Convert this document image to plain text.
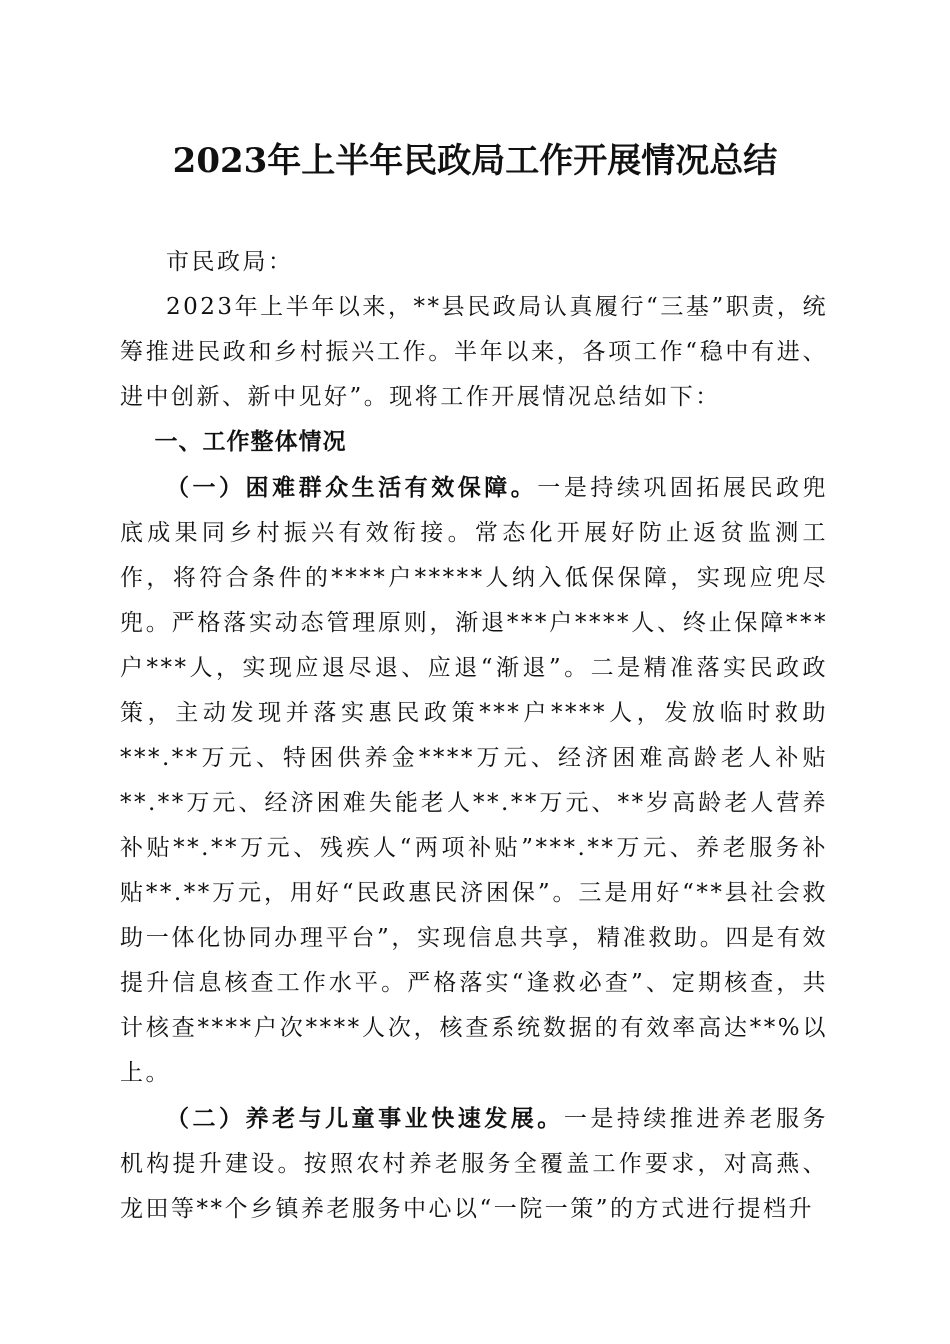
2023年上半年民政局工作开展情况总结

市民政局：

2023年上半年以来，**县民政局认真履行“三基”职责，统筹推进民政和乡村振兴工作。半年以来，各项工作“稳中有进、进中创新、新中见好”。现将工作开展情况总结如下：

一、工作整体情况

（一）困难群众生活有效保障。一是持续巩固拓展民政兜底成果同乡村振兴有效衔接。常态化开展好防止返贫监测工作，将符合条件的****户*****人纳入低保保障，实现应兜尽兜。严格落实动态管理原则，渐退***户****人、终止保障***户***人，实现应退尽退、应退“渐退”。二是精准落实民政政策，主动发现并落实惠民政策***户****人，发放临时救助***.**万元、特困供养金****万元、经济困难高龄老人补贴**.**万元、经济困难失能老人**.**万元、**岁高龄老人营养补贴**.**万元、残疾人“两项补贴”***.**万元、养老服务补贴**.**万元，用好“民政惠民济困保”。三是用好“**县社会救助一体化协同办理平台”，实现信息共享，精准救助。四是有效提升信息核查工作水平。严格落实“逢救必查”、定期核查，共计核查****户次****人次，核查系统数据的有效率高达**%以上。

（二）养老与儿童事业快速发展。一是持续推进养老服务机构提升建设。按照农村养老服务全覆盖工作要求，对高燕、龙田等**个乡镇养老服务中心以“一院一策”的方式进行提档升
